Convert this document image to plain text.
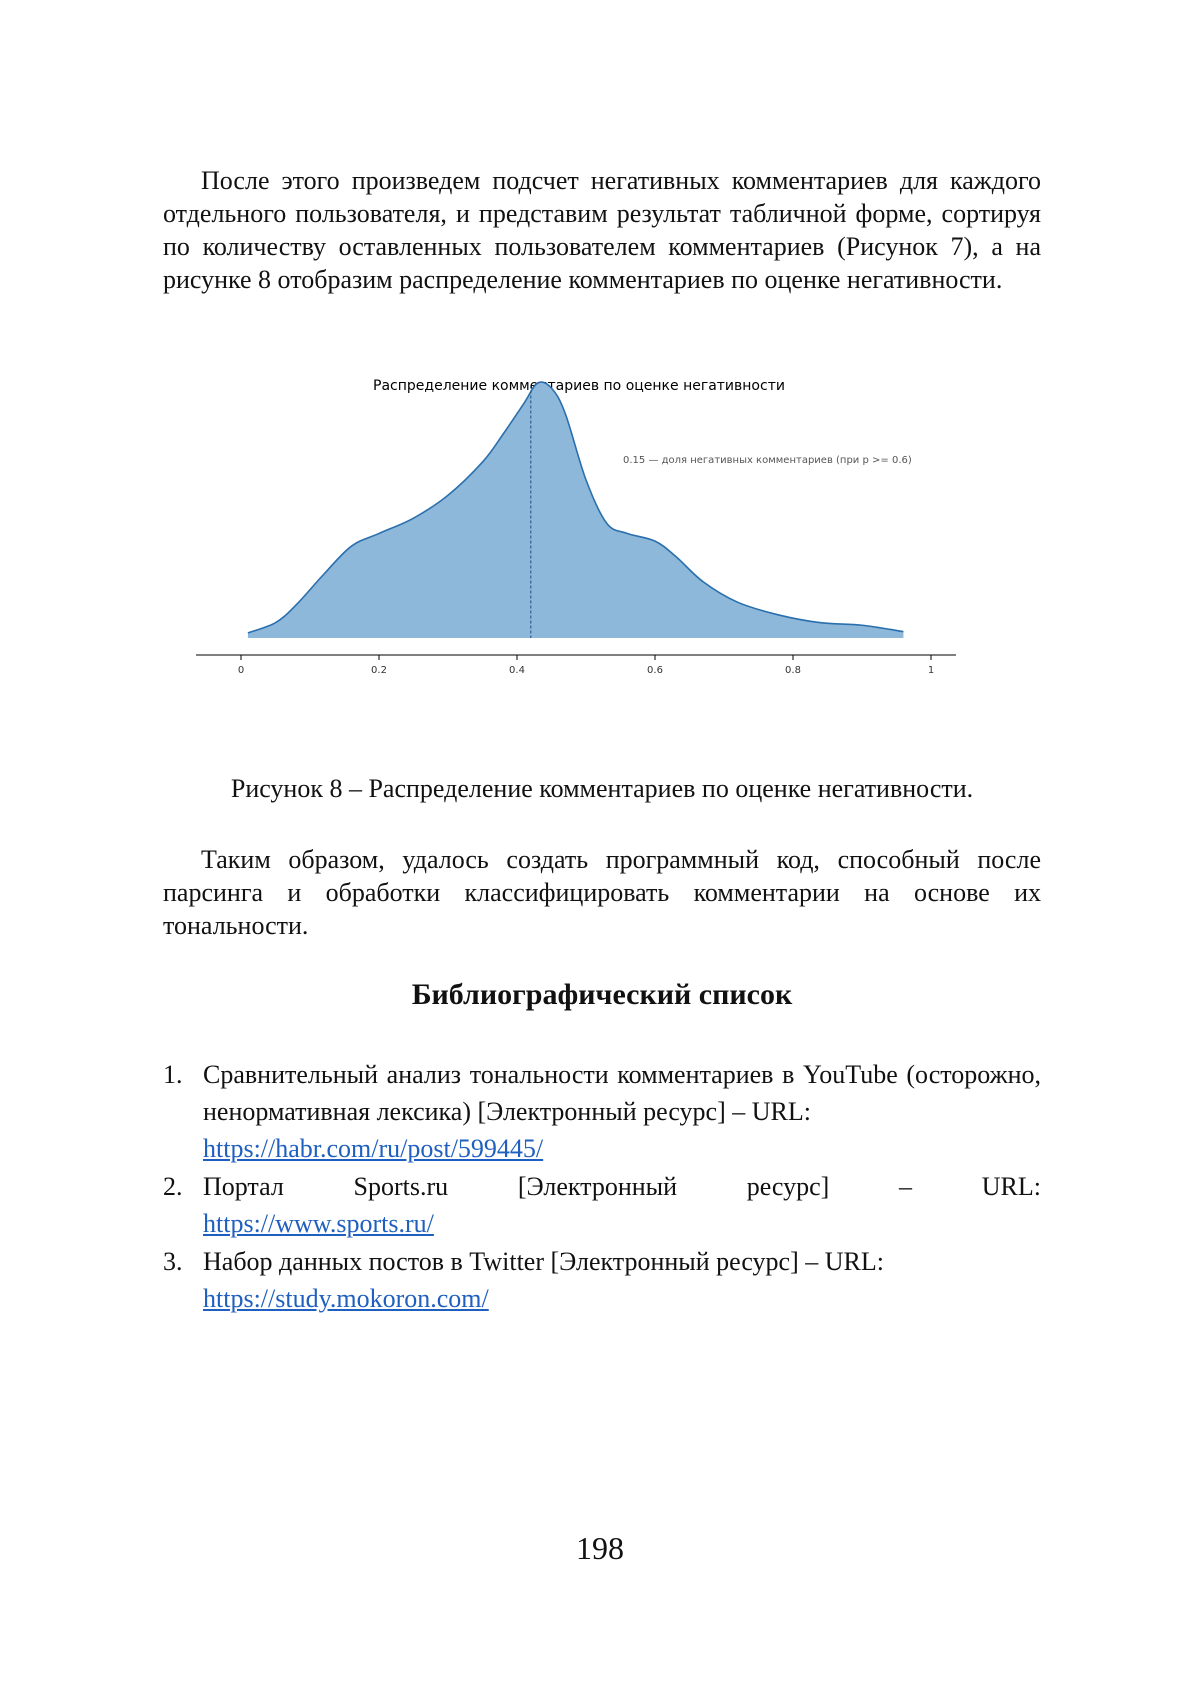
После этого произведем подсчет негативных комментариев для каждого отдельного пользователя, и представим результат табличной форме, сортируя по количеству оставленных пользователем комментариев (Рисунок 7), а на рисунке 8 отобразим распределение комментариев по оценке негативности.

Распределение комментариев по оценке негативности
0.15 — доля негативных комментариев (при p >= 0.6)
0	0.2	0.4	0.6	0.8	1

Рисунок 8 – Распределение комментариев по оценке негативности.

Таким образом, удалось создать программный код, способный после парсинга и обработки классифицировать комментарии на основе их тональности.

Библиографический список
1. Сравнительный анализ тональности комментариев в YouTube (осторожно, ненормативная лексика) [Электронный ресурс] – URL:
https://habr.com/ru/post/599445/
2. Портал	Sports.ru	[Электронный	ресурс]	–	URL:
https://www.sports.ru/
3. Набор данных постов в Twitter [Электронный ресурс] – URL:
https://study.mokoron.com/

198
